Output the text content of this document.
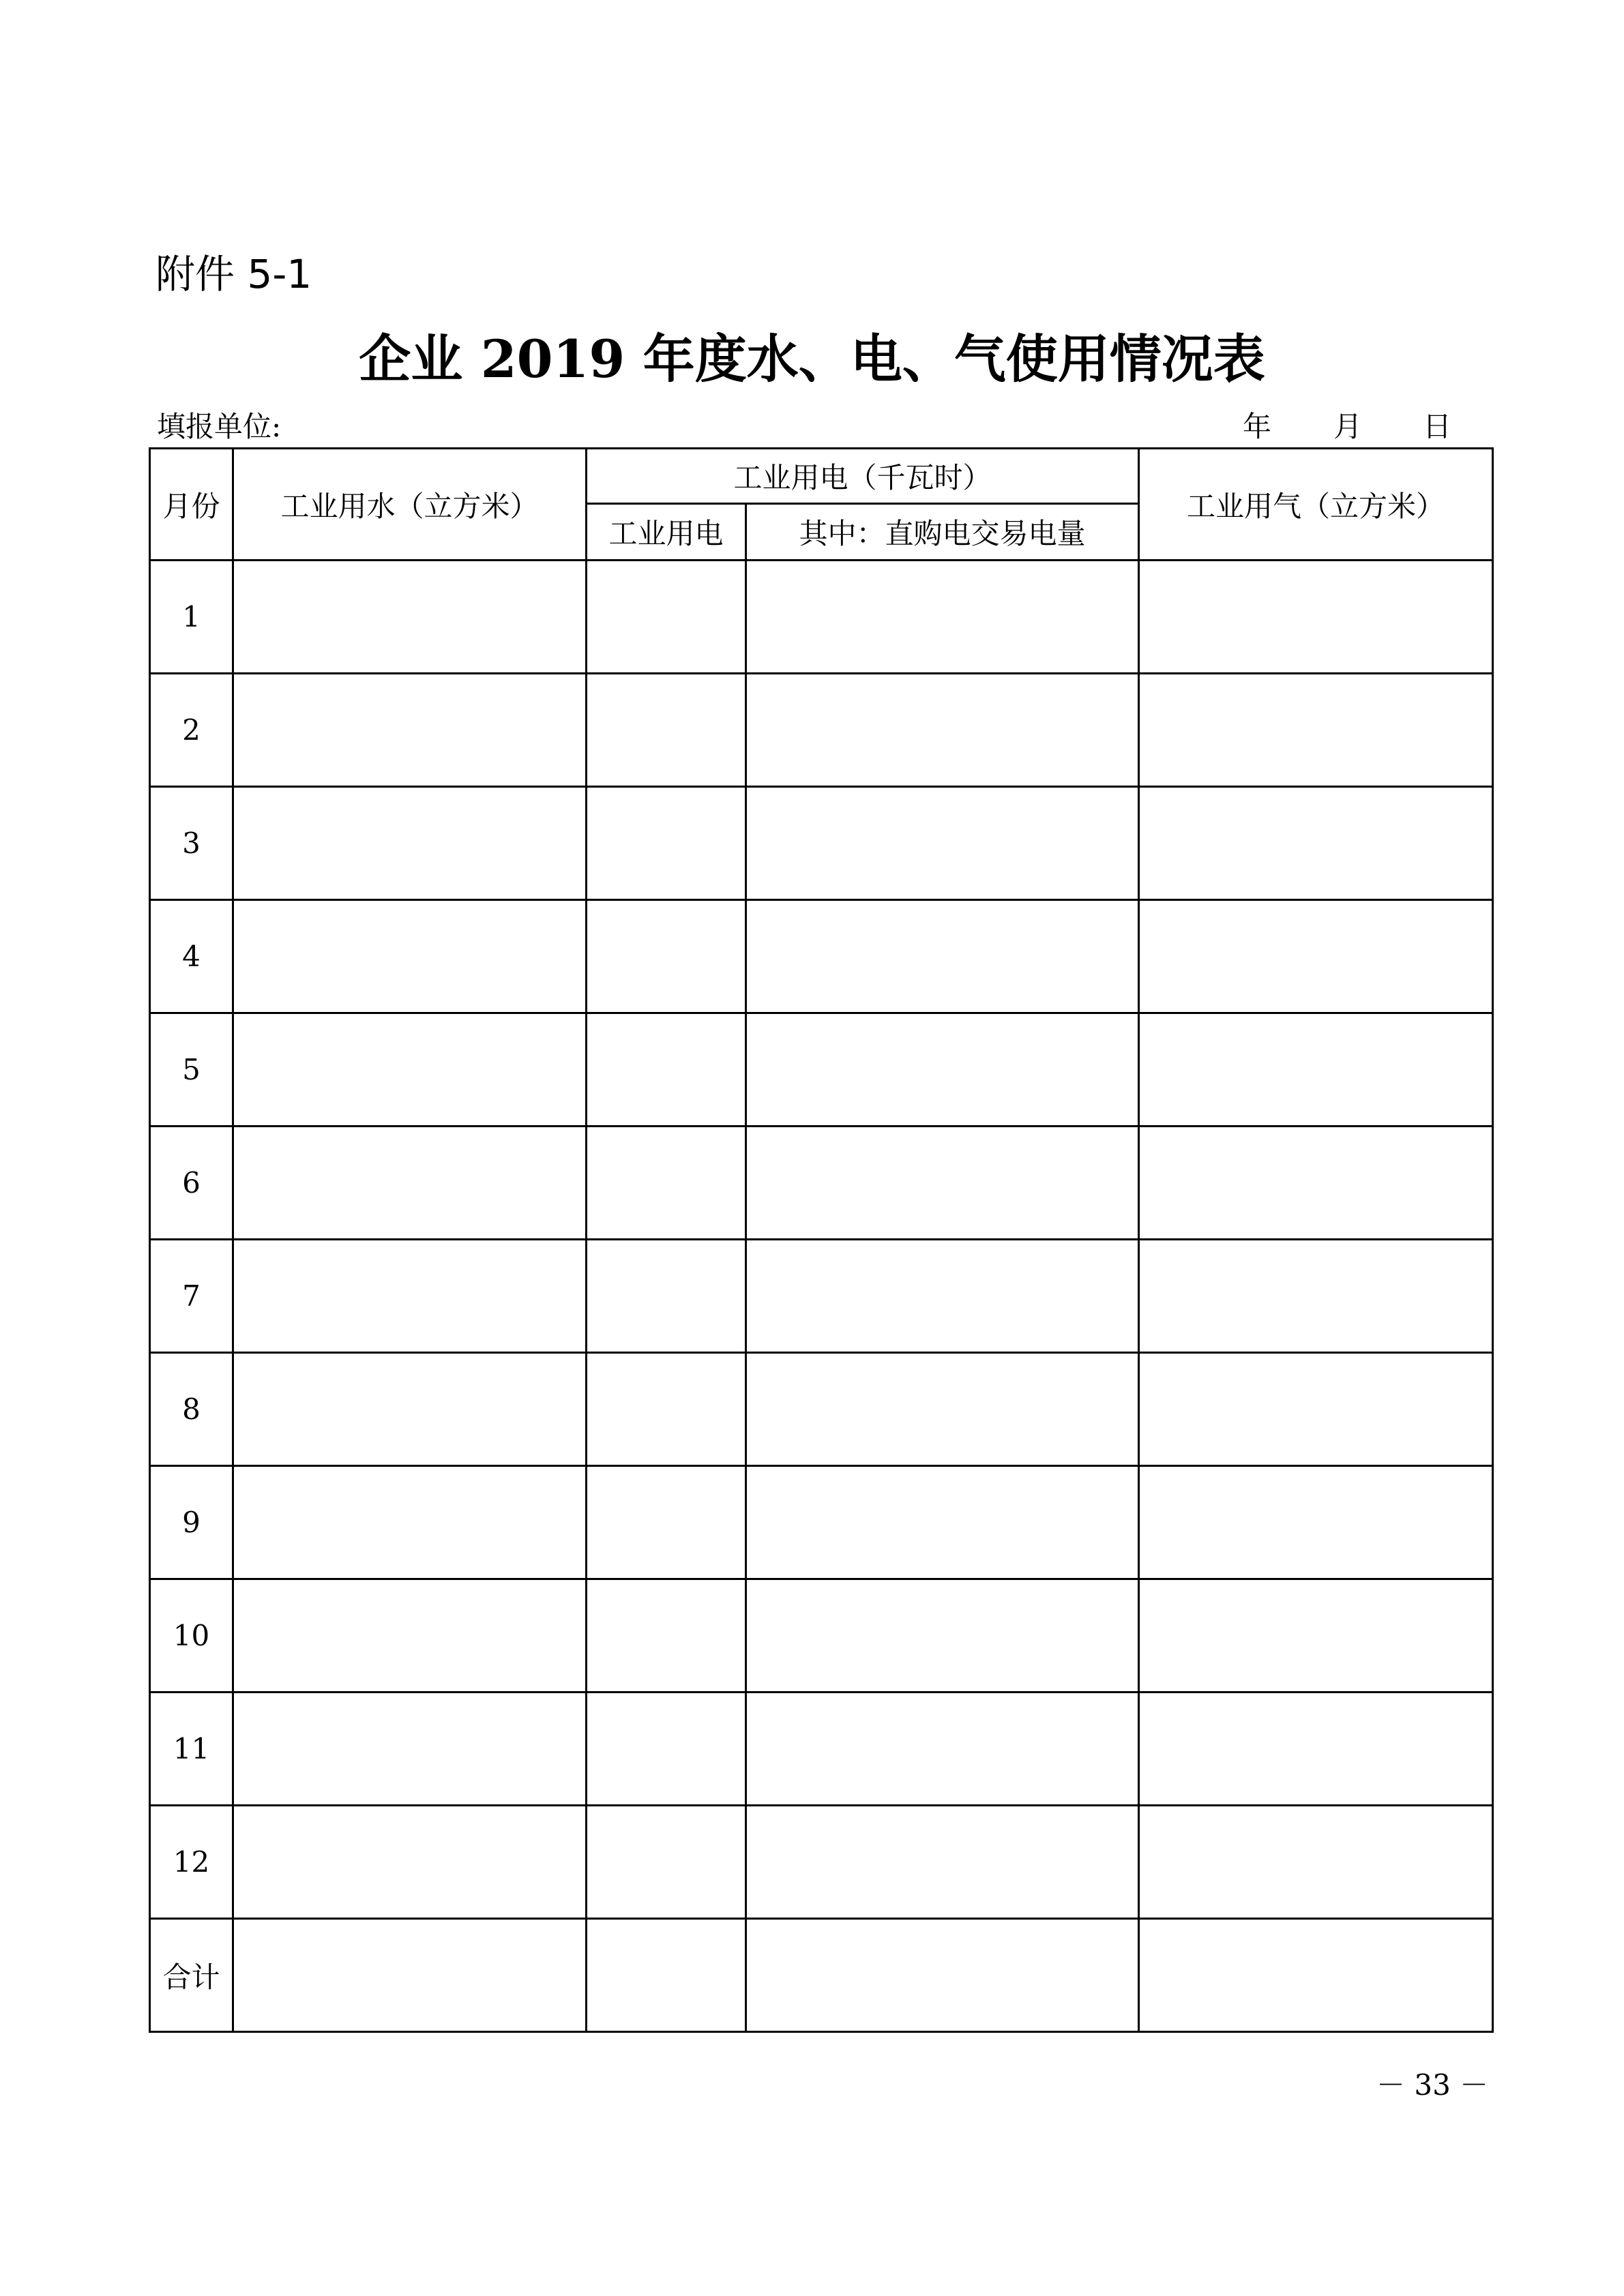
附件 5-1
企业 2019 年度水、电、气使用情况表
填报单位:	年 月 日
月份	工业用水（立方米）	工业用电（千瓦时）		工业用气（立方米）
		工业用电	其中：直购电交易电量	
1				
2				
3				
4				
5				
6				
7				
8				
9				
10				
11				
12				
合计				
－ 33 －
